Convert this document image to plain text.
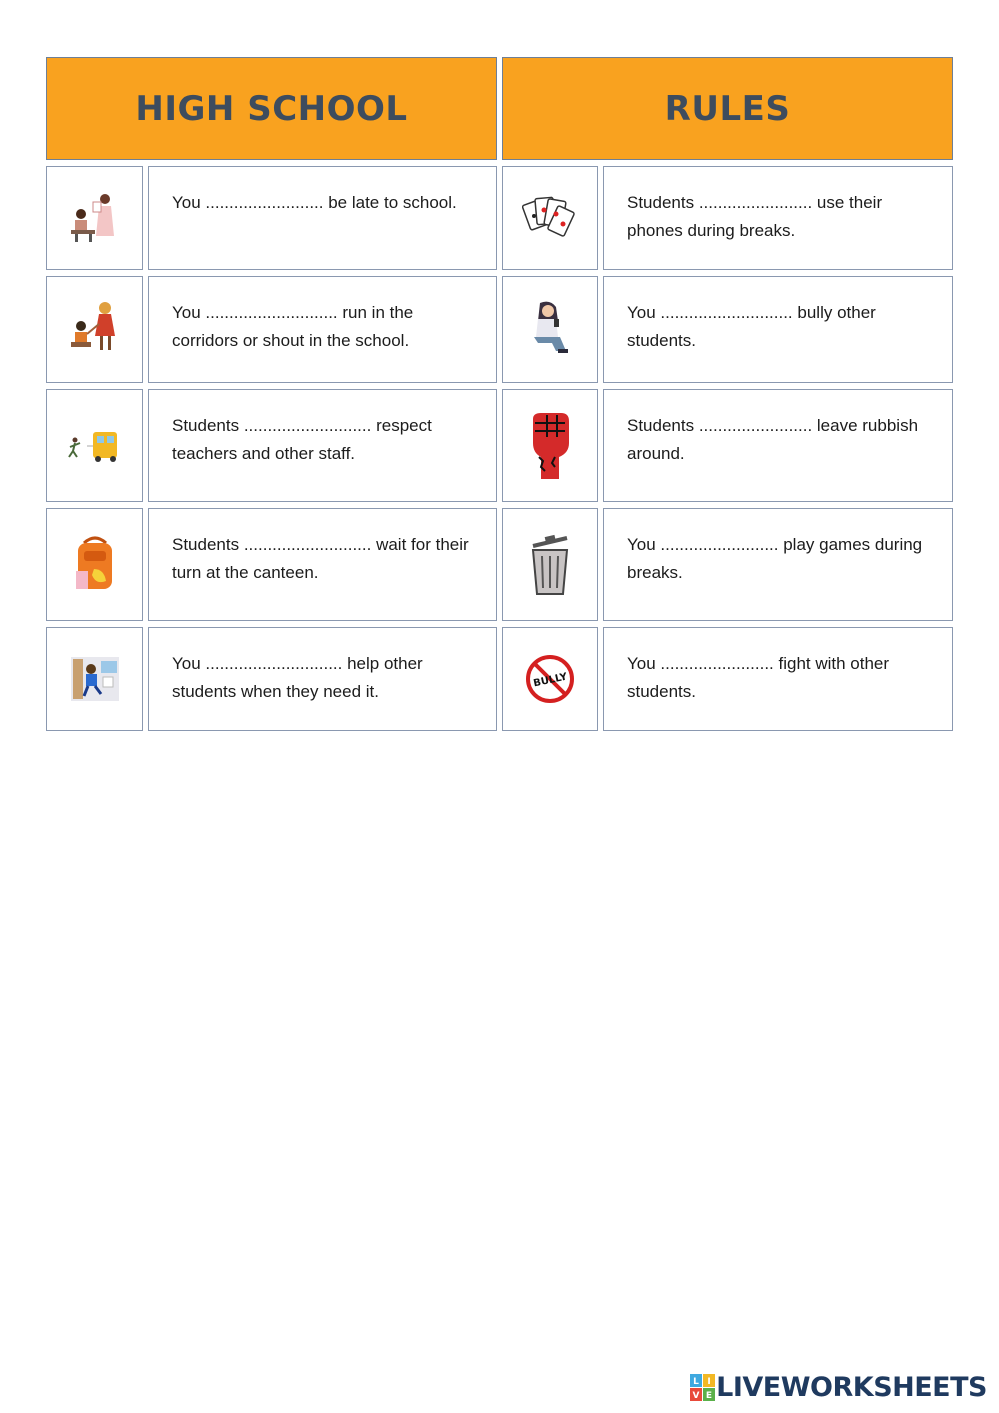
HIGH SCHOOL	RULES
You ......................... be late to school.	Students ........................ use their phones during breaks.
You ............................ run in the corridors or shout in the school.
You ............................ bully other students.
Students ........................... respect teachers and other staff.
Students ........................ leave rubbish around.
Students ........................... wait for their turn at the canteen.
You ......................... play games during breaks.
You ............................. help other students when they need it.
BULLY
You ........................ fight with other students.
L I
V E LIVEWORKSHEETS
